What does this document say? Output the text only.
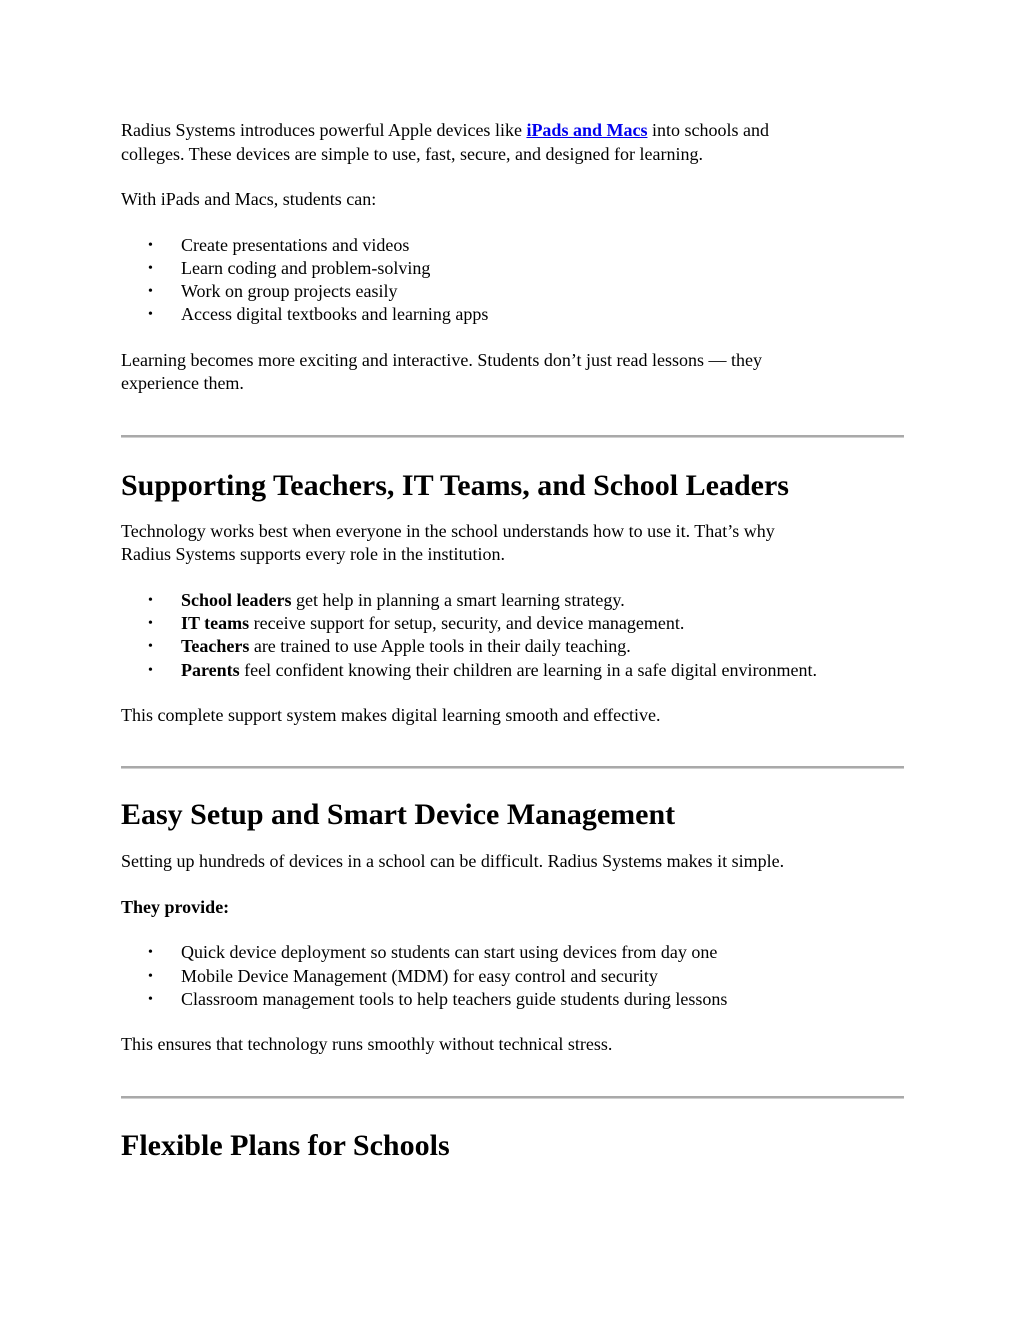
Radius Systems introduces powerful Apple devices like iPads and Macs into schools and
colleges. These devices are simple to use, fast, secure, and designed for learning.

With iPads and Macs, students can:

• Create presentations and videos
• Learn coding and problem-solving
• Work on group projects easily
• Access digital textbooks and learning apps

Learning becomes more exciting and interactive. Students don’t just read lessons — they
experience them.

Supporting Teachers, IT Teams, and School Leaders

Technology works best when everyone in the school understands how to use it. That’s why
Radius Systems supports every role in the institution.

• School leaders get help in planning a smart learning strategy.
• IT teams receive support for setup, security, and device management.
• Teachers are trained to use Apple tools in their daily teaching.
• Parents feel confident knowing their children are learning in a safe digital environment.

This complete support system makes digital learning smooth and effective.

Easy Setup and Smart Device Management

Setting up hundreds of devices in a school can be difficult. Radius Systems makes it simple.

They provide:

• Quick device deployment so students can start using devices from day one
• Mobile Device Management (MDM) for easy control and security
• Classroom management tools to help teachers guide students during lessons

This ensures that technology runs smoothly without technical stress.

Flexible Plans for Schools
